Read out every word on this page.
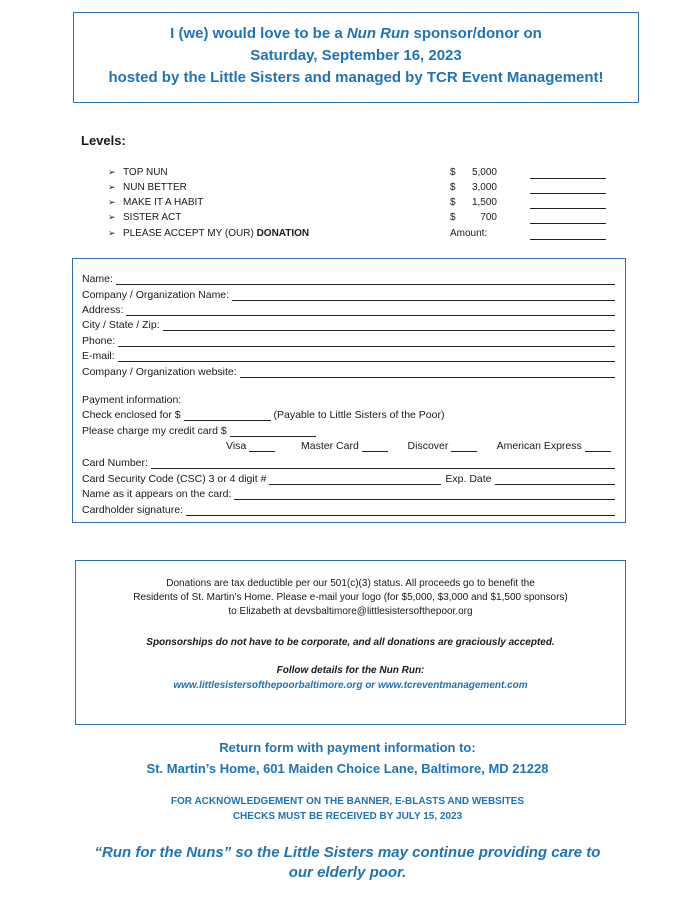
I (we) would love to be a Nun Run sponsor/donor on
Saturday, September 16, 2023
hosted by the Little Sisters and managed by TCR Event Management!
Levels:
➢ TOP NUN	$	5,000
➢ NUN BETTER	$	3,000
➢ MAKE IT A HABIT	$	1,500
➢ SISTER ACT	$	700
➢ PLEASE ACCEPT MY (OUR) DONATION	Amount:
Name:
Company / Organization Name:
Address:
City / State / Zip:
Phone:
E-mail:
Company / Organization website:
Payment information:
Check enclosed for $	(Payable to Little Sisters of the Poor)
Please charge my credit card $
Visa	Master Card	Discover	American Express
Card Number:
Card Security Code (CSC) 3 or 4 digit #	Exp. Date
Name as it appears on the card:
Cardholder signature:
Donations are tax deductible per our 501(c)(3) status. All proceeds go to benefit the
Residents of St. Martin’s Home. Please e-mail your logo (for $5,000, $3,000 and $1,500 sponsors)
to Elizabeth at devsbaltimore@littlesistersofthepoor.org
Sponsorships do not have to be corporate, and all donations are graciously accepted.
Follow details for the Nun Run:
www.littlesistersofthepoorbaltimore.org or www.tcreventmanagement.com
Return form with payment information to:
St. Martin’s Home, 601 Maiden Choice Lane, Baltimore, MD 21228
FOR ACKNOWLEDGEMENT ON THE BANNER, E-BLASTS AND WEBSITES
CHECKS MUST BE RECEIVED BY JULY 15, 2023
“Run for the Nuns” so the Little Sisters may continue providing care to
our elderly poor.
